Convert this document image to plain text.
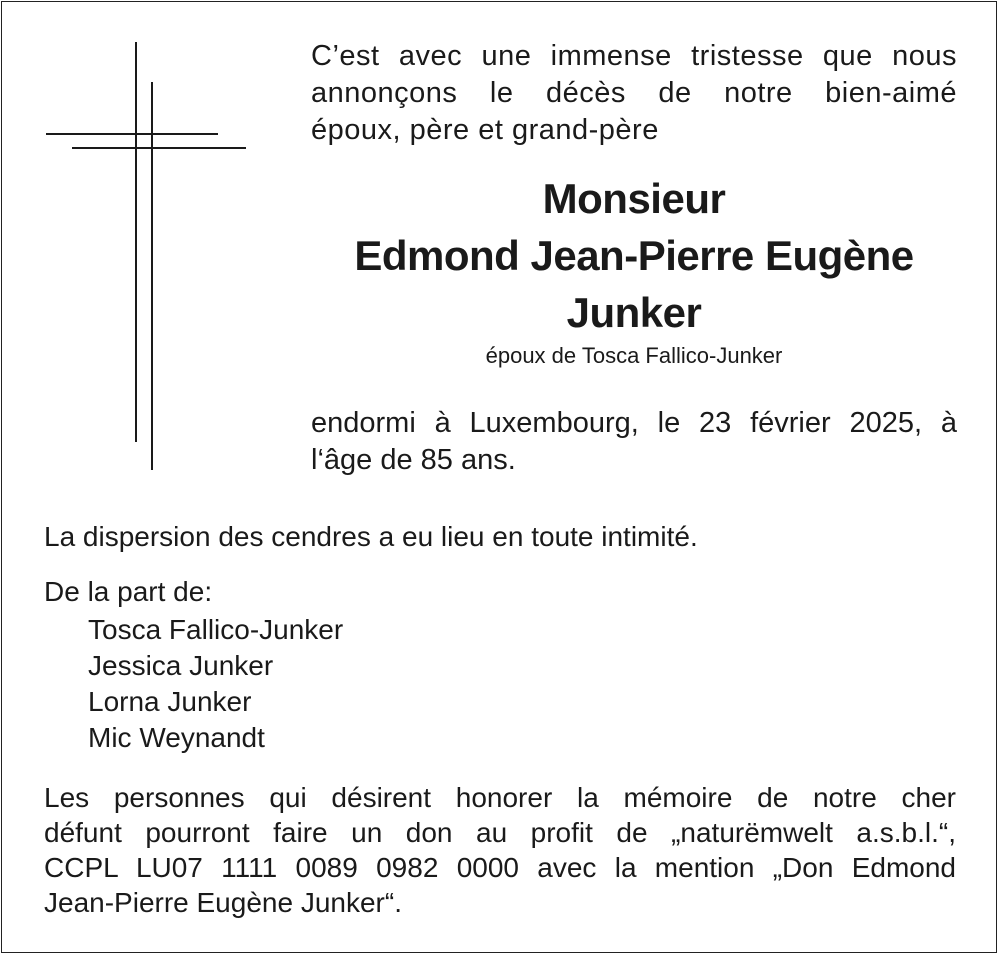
C’est avec une immense tristesse que nous
annonçons le décès de notre bien-aimé
époux, père et grand-père
Monsieur
Edmond Jean-Pierre Eugène
Junker
époux de Tosca Fallico-Junker
endormi à Luxembourg, le 23 février 2025, à
l‘âge de 85 ans.
La dispersion des cendres a eu lieu en toute intimité.
De la part de:
Tosca Fallico-Junker
Jessica Junker
Lorna Junker
Mic Weynandt
Les personnes qui désirent honorer la mémoire de notre cher
défunt pourront faire un don au profit de „naturëmwelt a.s.b.l.“,
CCPL LU07 1111 0089 0982 0000 avec la mention „Don Edmond
Jean-Pierre Eugène Junker“.
